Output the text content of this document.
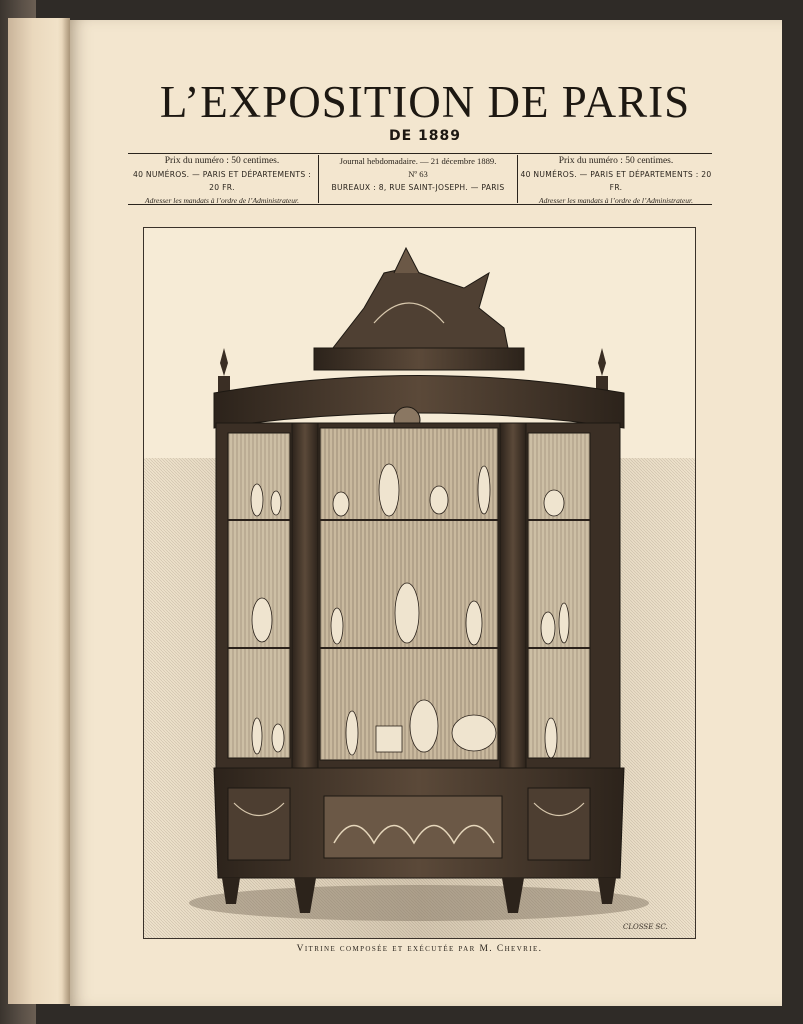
L’EXPOSITION DE PARIS
DE 1889
Prix du numéro : 50 centimes.
40 NUMÉROS. — PARIS ET DÉPARTEMENTS : 20 FR.
Adresser les mandats à l’ordre de l’Administrateur.
Journal hebdomadaire. — 21 décembre 1889.
Nº 63
BUREAUX : 8, RUE SAINT-JOSEPH. — PARIS
Prix du numéro : 50 centimes.
40 NUMÉROS. — PARIS ET DÉPARTEMENTS : 20 FR.
Adresser les mandats à l’ordre de l’Administrateur.
CLOSSE SC.
Vitrine composée et exécutée par M. Chevrie.
